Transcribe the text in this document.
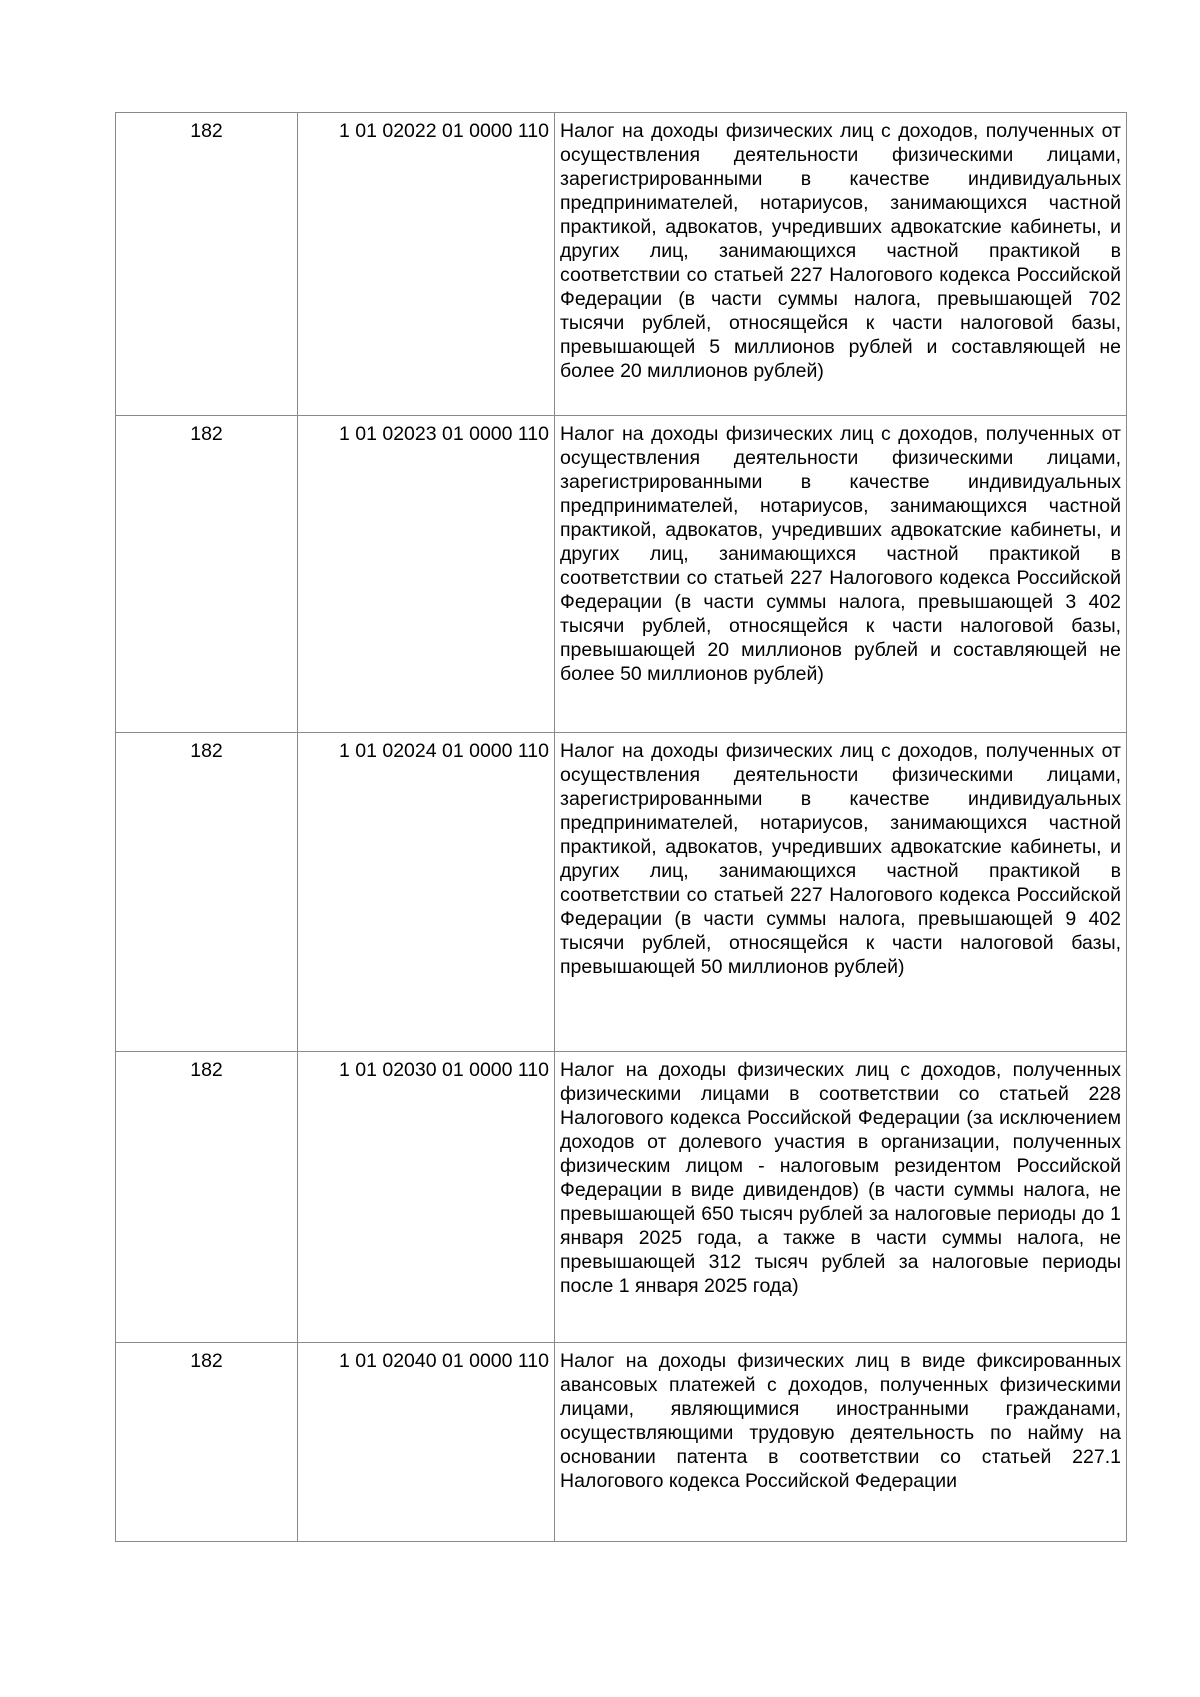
182	1 01 02022 01 0000 110	Налог на доходы физических лиц с доходов, полученных от осуществления деятельности физическими лицами, зарегистрированными в качестве индивидуальных предпринимателей, нотариусов, занимающихся частной практикой, адвокатов, учредивших адвокатские кабинеты, и других лиц, занимающихся частной практикой в соответствии со статьей 227 Налогового кодекса Российской Федерации (в части суммы налога, превышающей 702 тысячи рублей, относящейся к части налоговой базы, превышающей 5 миллионов рублей и составляющей не более 20 миллионов рублей)
182	1 01 02023 01 0000 110	Налог на доходы физических лиц с доходов, полученных от осуществления деятельности физическими лицами, зарегистрированными в качестве индивидуальных предпринимателей, нотариусов, занимающихся частной практикой, адвокатов, учредивших адвокатские кабинеты, и других лиц, занимающихся частной практикой в соответствии со статьей 227 Налогового кодекса Российской Федерации (в части суммы налога, превышающей 3 402 тысячи рублей, относящейся к части налоговой базы, превышающей 20 миллионов рублей и составляющей не более 50 миллионов рублей)
182	1 01 02024 01 0000 110	Налог на доходы физических лиц с доходов, полученных от осуществления деятельности физическими лицами, зарегистрированными в качестве индивидуальных предпринимателей, нотариусов, занимающихся частной практикой, адвокатов, учредивших адвокатские кабинеты, и других лиц, занимающихся частной практикой в соответствии со статьей 227 Налогового кодекса Российской Федерации (в части суммы налога, превышающей 9 402 тысячи рублей, относящейся к части налоговой базы, превышающей 50 миллионов рублей)
182	1 01 02030 01 0000 110	Налог на доходы физических лиц с доходов, полученных физическими лицами в соответствии со статьей 228 Налогового кодекса Российской Федерации (за исключением доходов от долевого участия в организации, полученных физическим лицом - налоговым резидентом Российской Федерации в виде дивидендов) (в части суммы налога, не превышающей 650 тысяч рублей за налоговые периоды до 1 января 2025 года, а также в части суммы налога, не превышающей 312 тысяч рублей за налоговые периоды после 1 января 2025 года)
182	1 01 02040 01 0000 110	Налог на доходы физических лиц в виде фиксированных авансовых платежей с доходов, полученных физическими лицами, являющимися иностранными гражданами, осуществляющими трудовую деятельность по найму на основании патента в соответствии со статьей 227.1 Налогового кодекса Российской Федерации
